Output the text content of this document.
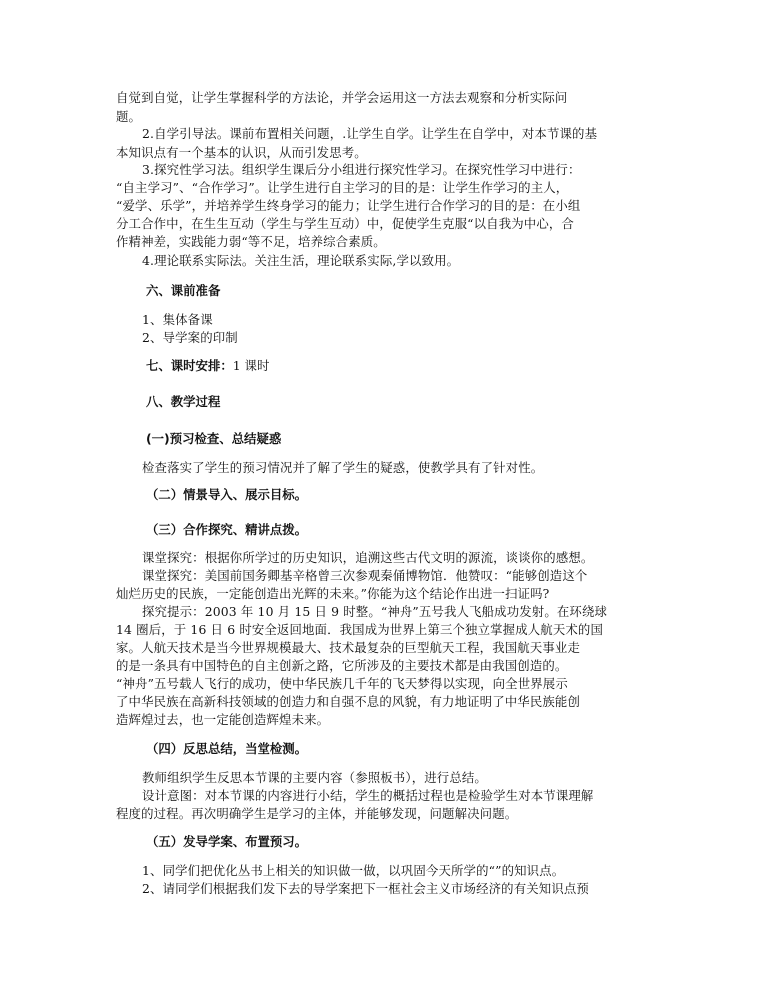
自觉到自觉，让学生掌握科学的方法论，并学会运用这一方法去观察和分析实际问
题。
2.自学引导法。课前布置相关问题，.让学生自学。让学生在自学中，对本节课的基
本知识点有一个基本的认识，从而引发思考。
3.探究性学习法。组织学生课后分小组进行探究性学习。在探究性学习中进行：
“自主学习”、“合作学习”。让学生进行自主学习的目的是：让学生作学习的主人，
“爱学、乐学”，并培养学生终身学习的能力；让学生进行合作学习的目的是：在小组
分工合作中，在生生互动（学生与学生互动）中，促使学生克服“以自我为中心，合
作精神差，实践能力弱“等不足，培养综合素质。
4.理论联系实际法。关注生活，理论联系实际,学以致用。
六、课前准备
1、集体备课
2、导学案的印制
七、课时安排：1 课时
八、教学过程
(一)预习检查、总结疑惑
检查落实了学生的预习情况并了解了学生的疑惑，使教学具有了针对性。
（二）情景导入、展示目标。
（三）合作探究、精讲点拨。
课堂探究：根据你所学过的历史知识，追溯这些古代文明的源流，谈谈你的感想。
课堂探究：美国前国务卿基辛格曾三次参观秦俑博物馆．他赞叹：“能够创造这个
灿烂历史的民族，一定能创造出光辉的未来。”你能为这个结论作出进一扫证吗?
探究提示：2003 年 10 月 15 日 9 时整。“神舟”五号我人飞船成功发射。在环绕球
14 圈后，于 16 日 6 时安全返回地面．我国成为世界上第三个独立掌握成人航天术的国
家。人航天技术是当今世界规模最大、技术最复杂的巨型航天工程，我国航天事业走
的是一条具有中国特色的自主创新之路，它所涉及的主要技术都是由我国创造的。
“神舟”五号载人飞行的成功，使中华民族几千年的飞天梦得以实现，向全世界展示
了中华民族在高新科技领域的创造力和自强不息的风貌，有力地证明了中华民族能创
造辉煌过去，也一定能创造辉煌未来。
（四）反思总结，当堂检测。
教师组织学生反思本节课的主要内容（参照板书），进行总结。
设计意图：对本节课的内容进行小结，学生的概括过程也是检验学生对本节课理解
程度的过程。再次明确学生是学习的主体，并能够发现，问题解决问题。
（五）发导学案、布置预习。
1、同学们把优化丛书上相关的知识做一做，以巩固今天所学的“”的知识点。
2、请同学们根据我们发下去的导学案把下一框社会主义市场经济的有关知识点预
